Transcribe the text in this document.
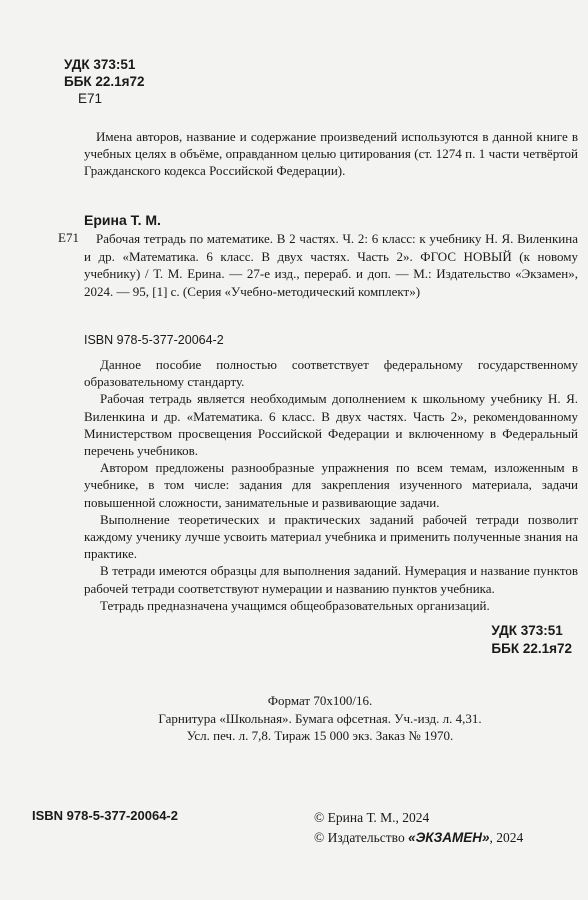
УДК 373:51
ББК 22.1я72
Е71
Имена авторов, название и содержание произведений используются в данной книге в учебных целях в объёме, оправданном целью цитирования (ст. 1274 п. 1 части четвёртой Гражданского кодекса Российской Федерации).
Ерина Т. М.
Е71	Рабочая тетрадь по математике. В 2 частях. Ч. 2: 6 класс: к учебнику Н. Я. Виленкина и др. «Математика. 6 класс. В двух частях. Часть 2». ФГОС НОВЫЙ (к новому учебнику) / Т. М. Ерина. — 27-е изд., перераб. и доп. — М.: Издательство «Экзамен», 2024. — 95, [1] с. (Серия «Учебно-методический комплект»)
ISBN 978-5-377-20064-2

Данное пособие полностью соответствует федеральному государственному образовательному стандарту.

Рабочая тетрадь является необходимым дополнением к школьному учебнику Н. Я. Виленкина и др. «Математика. 6 класс. В двух частях. Часть 2», рекомендованному Министерством просвещения Российской Федерации и включенному в Федеральный перечень учебников.

Автором предложены разнообразные упражнения по всем темам, изложенным в учебнике, в том числе: задания для закрепления изученного материала, задачи повышенной сложности, занимательные и развивающие задачи.

Выполнение теоретических и практических заданий рабочей тетради позволит каждому ученику лучше усвоить материал учебника и применить полученные знания на практике.

В тетради имеются образцы для выполнения заданий. Нумерация и название пунктов рабочей тетради соответствуют нумерации и названию пунктов учебника.

Тетрадь предназначена учащимся общеобразовательных организаций.

УДК 373:51
ББК 22.1я72
Формат 70x100/16.
Гарнитура «Школьная». Бумага офсетная. Уч.-изд. л. 4,31.
Усл. печ. л. 7,8. Тираж 15 000 экз. Заказ № 1970.
ISBN 978-5-377-20064-2	© Ерина Т. М., 2024
© Издательство «ЭКЗАМЕН», 2024
